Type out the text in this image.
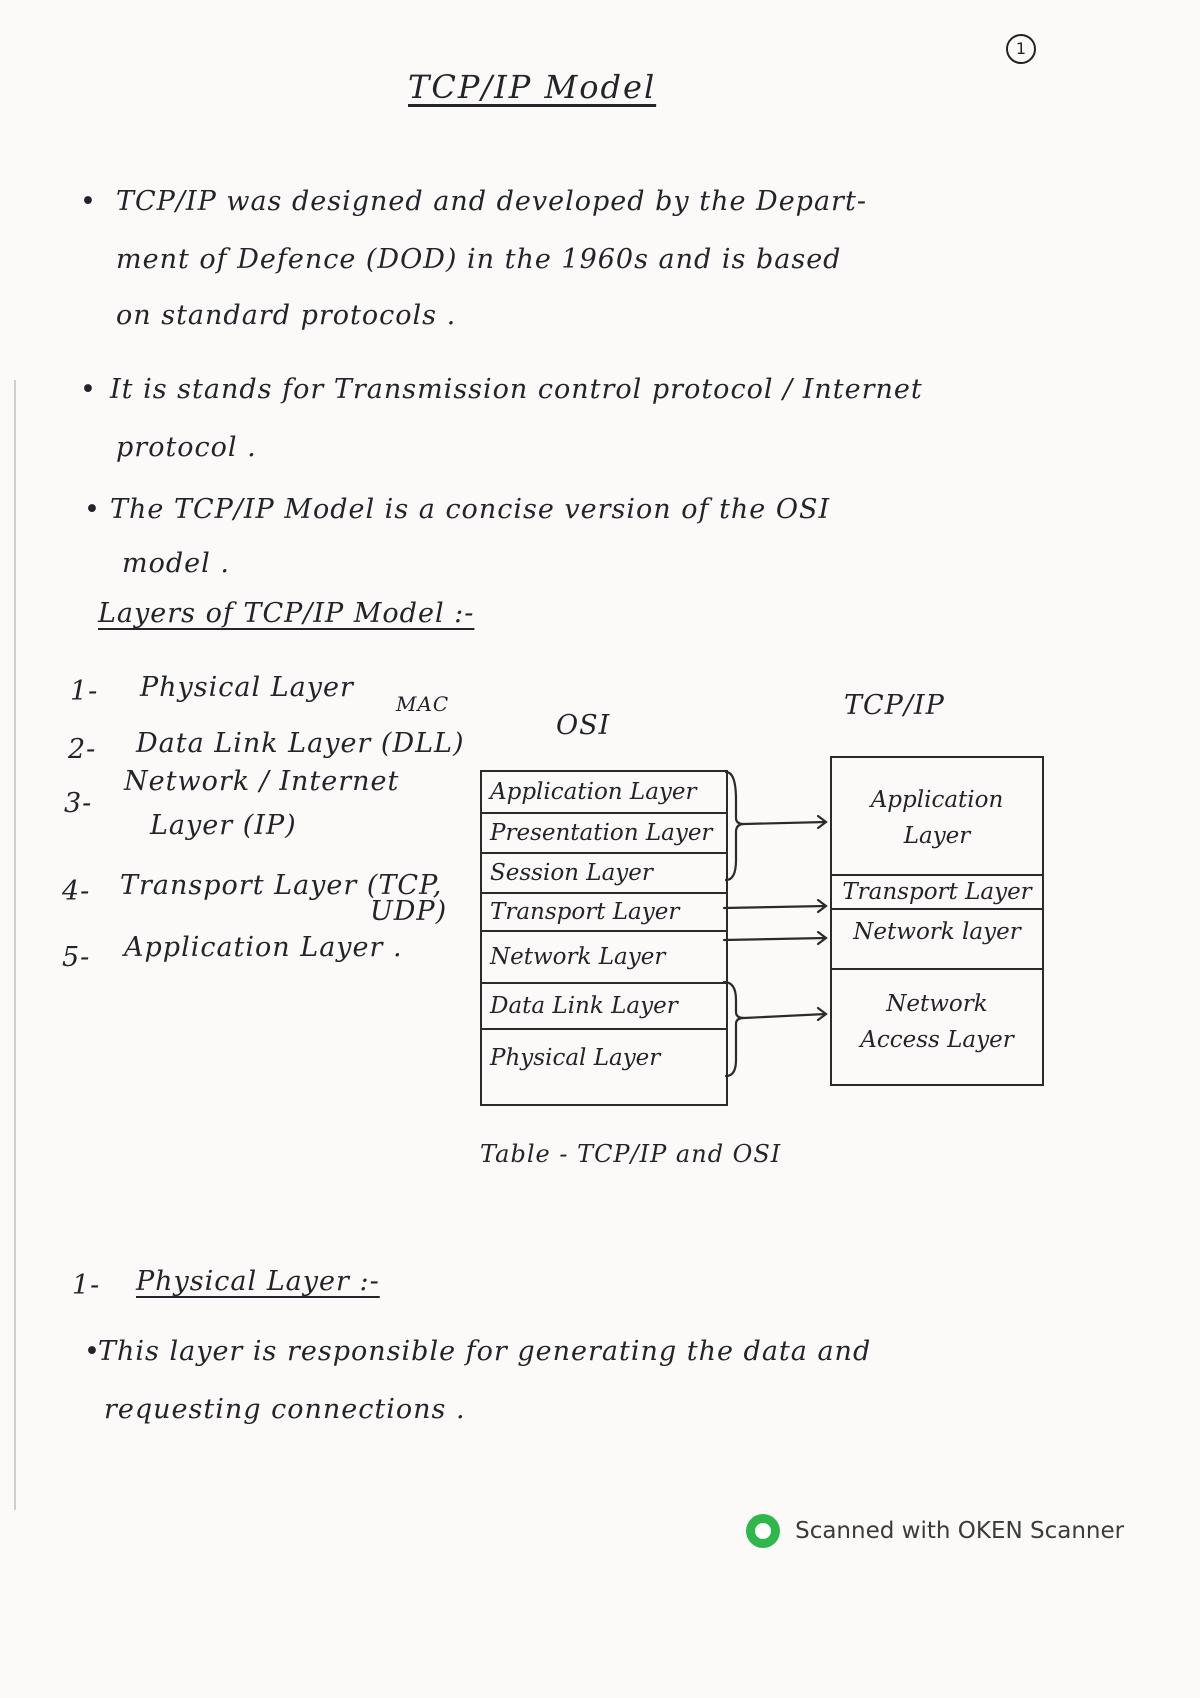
1
TCP/IP Model
• TCP/IP was designed and developed by the Depart-
ment of Defence (DOD) in the 1960s and is based
on standard protocols .
• It is stands for Transmission control protocol / Internet
protocol .
• The TCP/IP Model is a concise version of the OSI
model .
Layers of TCP/IP Model :-
1- Physical Layer
MAC
2- Data Link Layer (DLL)
3-
Network / Internet
Layer (IP)
4- Transport Layer (TCP,
UDP)
5- Application Layer .
OSI
TCP/IP
Application Layer
Presentation Layer
Session Layer
Transport Layer
Network Layer
Data Link Layer
Physical Layer
Application
Layer
Transport Layer
Network layer
Network
Access Layer
Table - TCP/IP and OSI
1- Physical Layer :-
•
This layer is responsible for generating the data and
requesting connections .
Scanned with OKEN Scanner
